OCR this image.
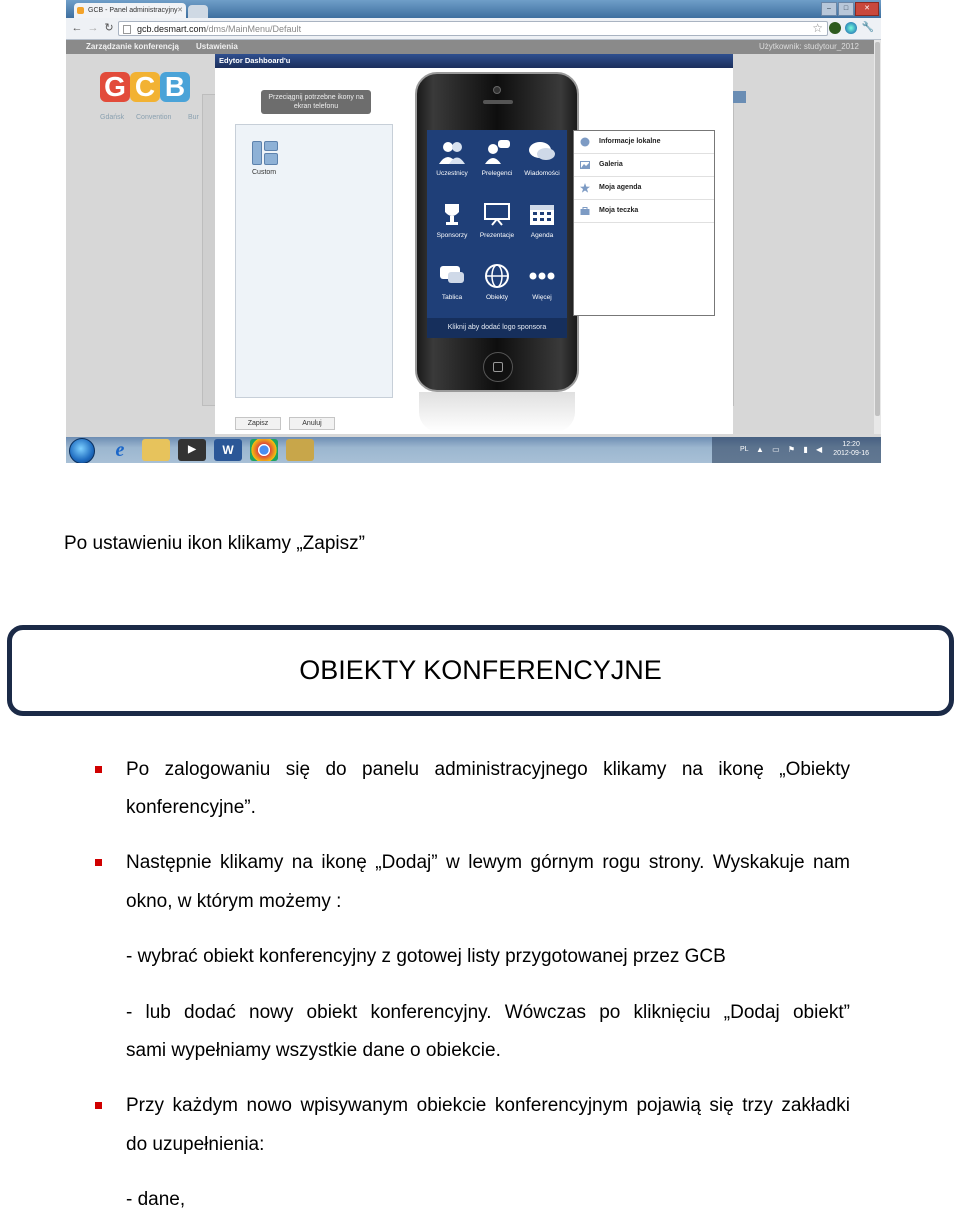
GCB - Panel administracyjny ✕	–	□	✕
← → ↻	gcb.desmart.com/dms/MainMenu/Default	☆	🔧
Zarządzanie konferencją Ustawienia	Użytkownik: studytour_2012
G C B
Gdańsk Convention Bur
Edytor Dashboard'u
Przeciągnij potrzebne ikony na ekran telefonu
Custom	Uczestnicy	Prelegenci	Wiadomości
Sponsorzy	Prezentacje	Agenda
Tablica	Obiekty	Więcej
Kliknij aby dodać logo sponsora
Informacje lokalne
Galeria
Moja agenda
Moja teczka
Zapisz	Anuluj
e	▶	W	PL ▲ ▭ ⚑ ▮ ◀
12:20
2012-09-16
Po ustawieniu ikon klikamy „Zapisz”
OBIEKTY KONFERENCYJNE
Po zalogowaniu się do panelu administracyjnego klikamy na ikonę „Obiekty
konferencyjne”.
Następnie klikamy na ikonę „Dodaj” w lewym górnym rogu strony. Wyskakuje nam
okno, w którym możemy :
- wybrać obiekt konferencyjny z gotowej listy przygotowanej przez GCB
- lub dodać nowy obiekt konferencyjny. Wówczas po kliknięciu „Dodaj obiekt”
sami wypełniamy wszystkie dane o obiekcie.
Przy każdym nowo wpisywanym obiekcie konferencyjnym pojawią się trzy zakładki
do uzupełnienia:
- dane,
